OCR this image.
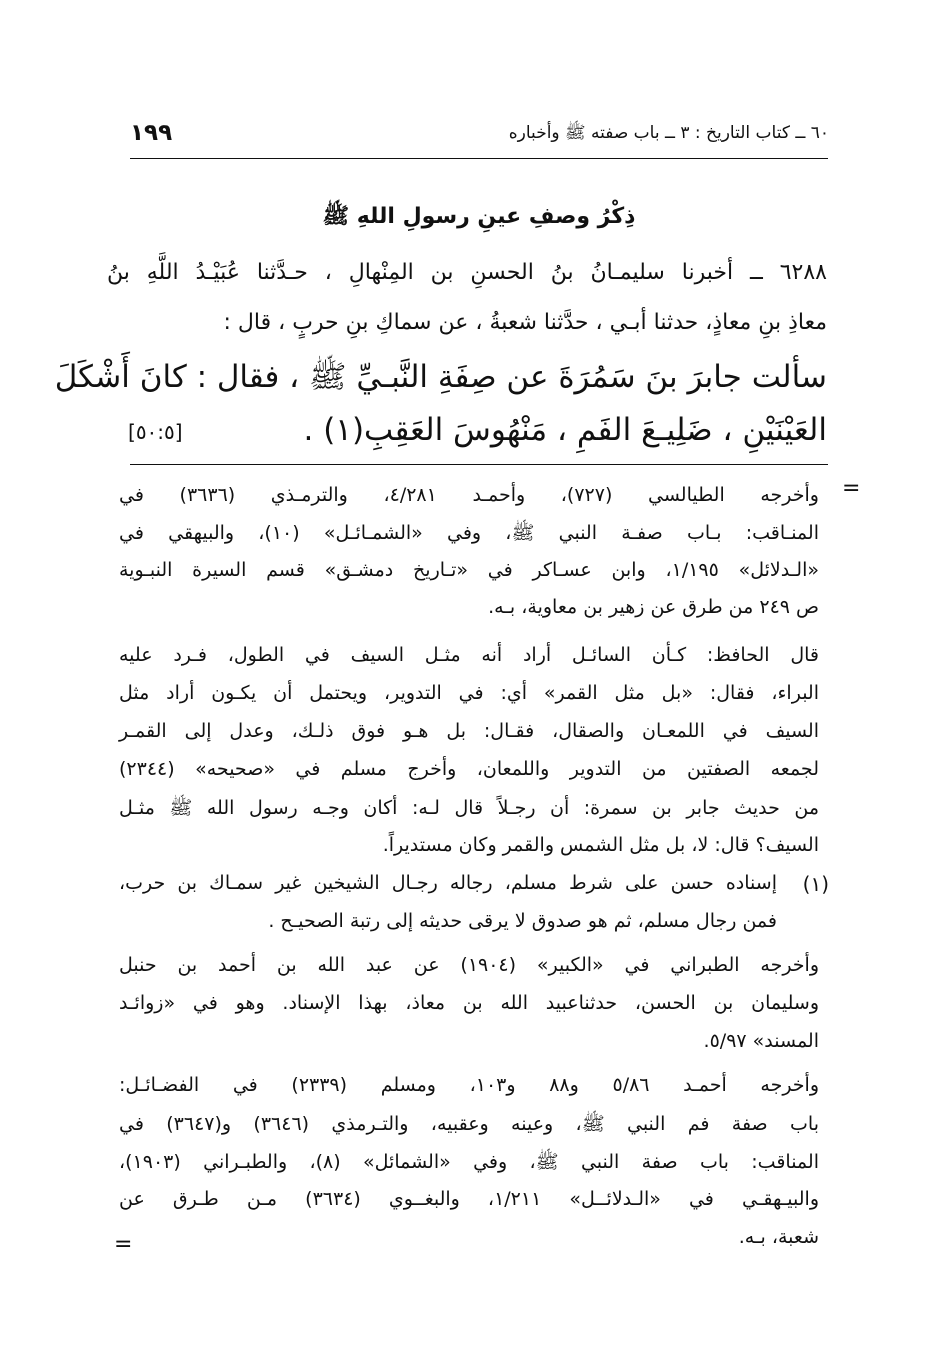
٦٠ ــ كتاب التاريخ : ٣ ــ باب صفته ﷺ وأخباره
١٩٩
ذِكْرُ وصفِ عينِ رسولِ اللهِ ﷺ
٦٢٨٨ ــ أخبرنا سليمـانُ بنُ الحسنِ بن المِنْهالِ ، حـدَّثنا عُبَيْـدُ اللَّهِ بنُ
معاذِ بنِ معاذٍ، حدثنا أبـي ، حدَّثنا شعبةُ ، عن سماكِ بنِ حربٍ ، قال :
سألت جابرَ بنَ سَمُرَةَ عن صِفَةِ النَّبـيِّ ﷺ ، فقال : كانَ أَشْكَلَ
العَيْنَيْنِ ، ضَلِيـعَ الفَمِ ، مَنْهُوسَ العَقِبِ(١) .
[٥٠:٥]
=
=
وأخرجه الطيالسي (٧٢٧)، وأحمـد ٤/٢٨١، والترمـذي (٣٦٣٦) في
المنـاقب: بـاب صفـة النبي ﷺ، وفي «الشمـائـل» (١٠)، والبيهقي في
«الـدلائل» ١/١٩٥، وابن عسـاكر في «تـاريخ دمشـق» قسم السيرة النبـوية
ص ٢٤٩ من طرق عن زهير بن معاوية، بـه.
قال الحافظ: كـأن السائـل أراد أنه مثـل السيف في الطول، فـرد عليه
البراء، فقال: «بل مثل القمر» أي: في التدوير، ويحتمل أن يكـون أراد مثل
السيف في اللمعـان والصقال، فقـال: بل هـو فوق ذلـك، وعدل إلى القمـر
لجمعه الصفتين من التدوير واللمعان، وأخرج مسلم في «صحيحه» (٢٣٤٤)
من حديث جابر بن سمرة: أن رجـلاً قال لـه: أكان وجـه رسول الله ﷺ مثـل
السيف؟ قال: لا، بل مثل الشمس والقمر وكان مستديراً.
(١)
إسناده حسن على شرط مسلم، رجاله رجـال الشيخين غير سمـاك بن حرب،
فمن رجال مسلم، ثم هو صدوق لا يرقى حديثه إلى رتبة الصحيـح .
وأخرجه الطبراني في «الكبير» (١٩٠٤) عن عبد الله بن أحمد بن حنبل
وسليمان بن الحسن، حدثناعبيد الله بن معاذ، بهذا الإسناد. وهو في «زوائـد
المسند» ٥/٩٧.
وأخرجه أحمـد ٥/٨٦ و٨٨ و١٠٣، ومسلم (٢٣٣٩) في الفضـائـل:
باب صفة فم النبي ﷺ، وعينه وعقبيه، والتـرمذي (٣٦٤٦) و(٣٦٤٧) في
المناقب: باب صفة النبي ﷺ، وفي «الشمائل» (٨)، والطبـراني (١٩٠٣)،
والبيـهقـي في «الـدلائــل» ١/٢١١، والبغــوي (٣٦٣٤) مـن طـرق عن
شعبة، بـه.
